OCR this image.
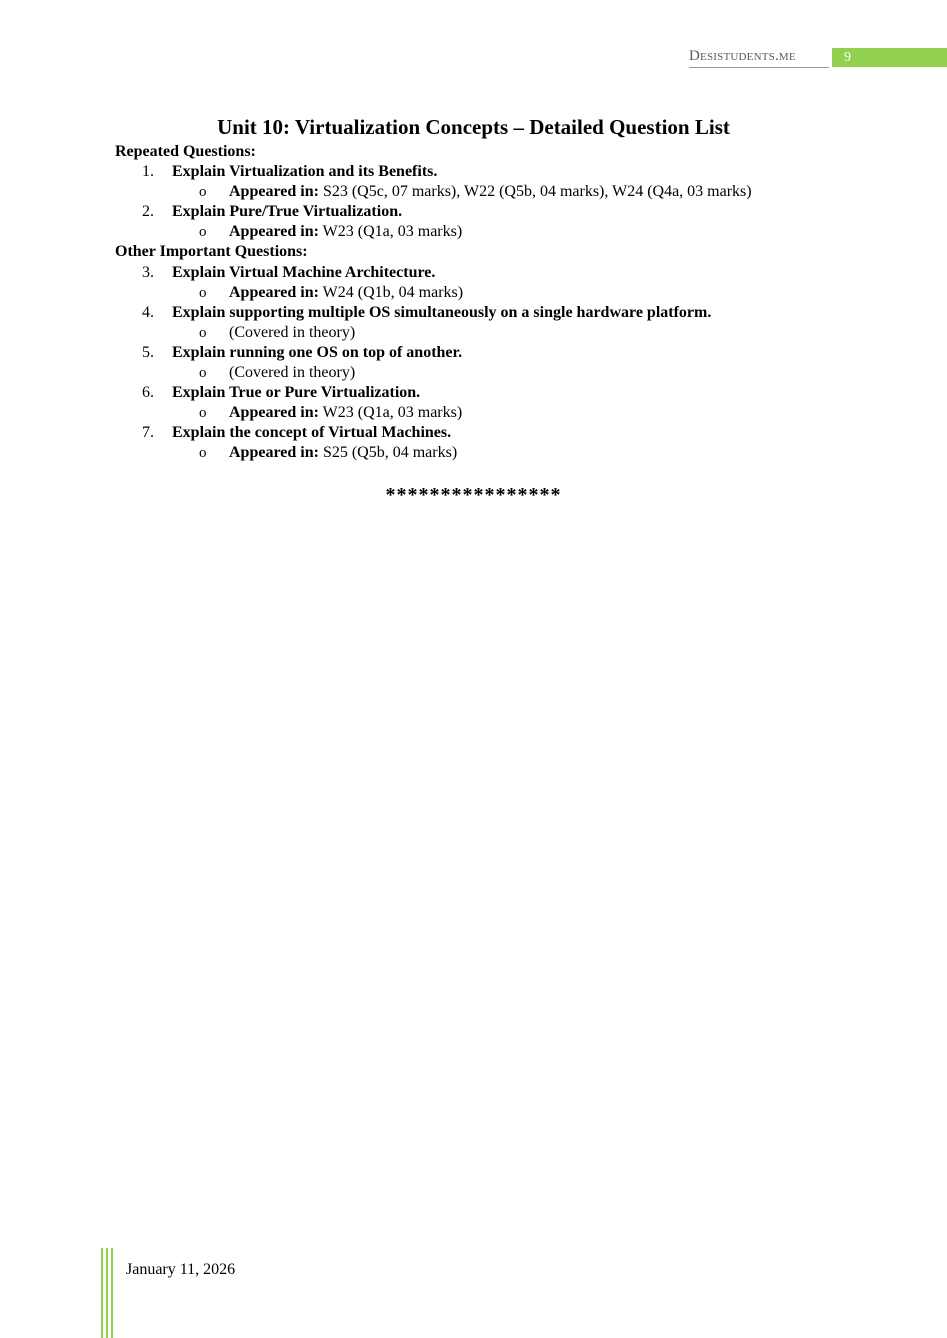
Desistudents.me	9
Unit 10: Virtualization Concepts – Detailed Question List
Repeated Questions:
1. Explain Virtualization and its Benefits.
o Appeared in: S23 (Q5c, 07 marks), W22 (Q5b, 04 marks), W24 (Q4a, 03 marks)
2. Explain Pure/True Virtualization.
o Appeared in: W23 (Q1a, 03 marks)
Other Important Questions:
3. Explain Virtual Machine Architecture.
o Appeared in: W24 (Q1b, 04 marks)
4. Explain supporting multiple OS simultaneously on a single hardware platform.
o (Covered in theory)
5. Explain running one OS on top of another.
o (Covered in theory)
6. Explain True or Pure Virtualization.
o Appeared in: W23 (Q1a, 03 marks)
7. Explain the concept of Virtual Machines.
o Appeared in: S25 (Q5b, 04 marks)
****************
January 11, 2026
